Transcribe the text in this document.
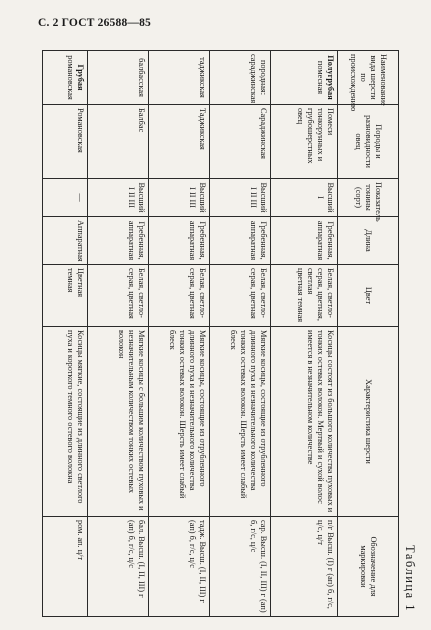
С. 2 ГОСТ 26588—85
Таблица 1
Наименование вида шерсти по происхождению	Породы и разновидности овец	Показатель тонины (сорт)	Длина	Цвет	Характеристика шерсти	Обозначение для маркировки
Полугрубая
помесная	Помеси тонкорунных и грубошерстных овец	Высший I	Гребенная, аппаратная	Белая, светло-серая, цветная, светлая цветная темная	Косицы состоят из большого количества пуховых и тонких остевых волокон. Мертвый и сухой волос имеется в незначительном количестве	п/г Высш. (I) г (ап) б, г/с, ц/с, ц/т
породная: сараджинская	Сараджинская	Высший I II III	Гребенная, аппаратная	Белая, светло-серая, цветная	Мягкие косицы, состоящие из отрубленного длинного пуха и незначительного количества тонких остевых волокон. Шерсть имеет слабый блеск	сар. Высш. (I, II, III) г (ап) б, г/с, ц/с
таджикская	Таджикская	Высший I II III	Гребенная, аппаратная	Белая, светло-серая, цветная	Мягкие косицы, состоящие из отрубленного длинного пуха и незначительного количества тонких остевых волокон. Шерсть имеет слабый блеск	тадж. Высш. (I, II, III) г (ап) б, г/с, ц/с
балбасская	Балбас	Высший I II III	Гребенная, аппаратная	Белая, светло-серая, цветная	Мягкие косицы с большим количеством пуховых и незначительным количеством тонких остевых волокон	бал. Высш. (I, II, III) г (ап) б, г/с, ц/с
Грубая
романовская	Романовская	—	Аппаратная	Цветная темная	Косицы мягкие, состоящие из длинного светлого пуха и короткого темного остевого волокна	ром. ап. ц/т
